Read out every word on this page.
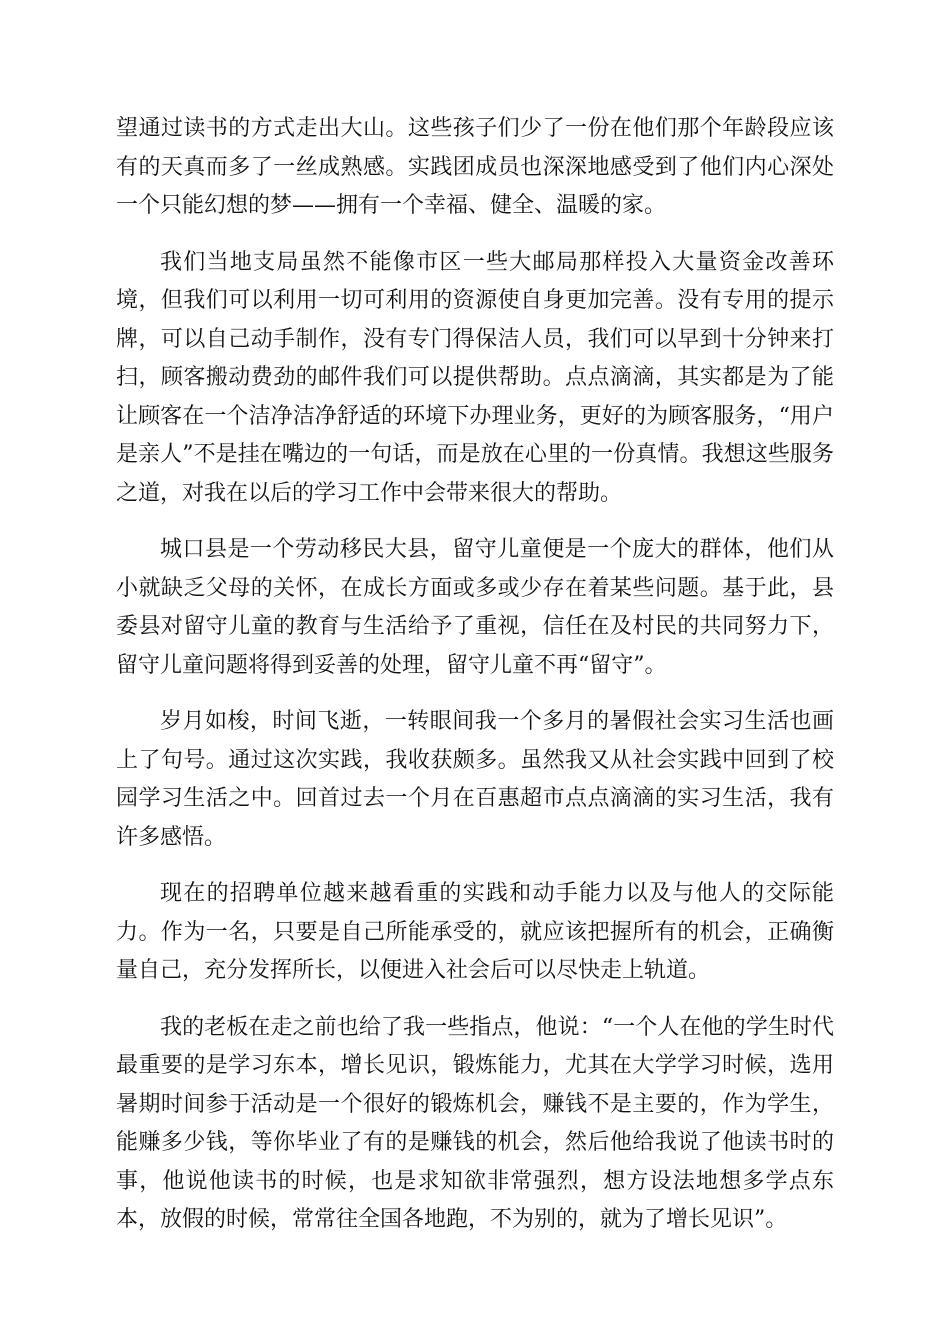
望通过读书的方式走出大山。这些孩子们少了一份在他们那个年龄段应该有的天真而多了一丝成熟感。实践团成员也深深地感受到了他们内心深处一个只能幻想的梦——拥有一个幸福、健全、温暖的家。

我们当地支局虽然不能像市区一些大邮局那样投入大量资金改善环境，但我们可以利用一切可利用的资源使自身更加完善。没有专用的提示牌，可以自己动手制作，没有专门得保洁人员，我们可以早到十分钟来打扫，顾客搬动费劲的邮件我们可以提供帮助。点点滴滴，其实都是为了能让顾客在一个洁净洁净舒适的环境下办理业务，更好的为顾客服务，“用户是亲人”不是挂在嘴边的一句话，而是放在心里的一份真情。我想这些服务之道，对我在以后的学习工作中会带来很大的帮助。

城口县是一个劳动移民大县，留守儿童便是一个庞大的群体，他们从小就缺乏父母的关怀，在成长方面或多或少存在着某些问题。基于此，县委县对留守儿童的教育与生活给予了重视，信任在及村民的共同努力下，留守儿童问题将得到妥善的处理，留守儿童不再“留守”。

岁月如梭，时间飞逝，一转眼间我一个多月的暑假社会实习生活也画上了句号。通过这次实践，我收获颇多。虽然我又从社会实践中回到了校园学习生活之中。回首过去一个月在百惠超市点点滴滴的实习生活，我有许多感悟。

现在的招聘单位越来越看重的实践和动手能力以及与他人的交际能力。作为一名，只要是自己所能承受的，就应该把握所有的机会，正确衡量自己，充分发挥所长，以便进入社会后可以尽快走上轨道。

我的老板在走之前也给了我一些指点，他说：“一个人在他的学生时代最重要的是学习东本，增长见识，锻炼能力，尤其在大学学习时候，选用暑期时间参于活动是一个很好的锻炼机会，赚钱不是主要的，作为学生，能赚多少钱，等你毕业了有的是赚钱的机会，然后他给我说了他读书时的事，他说他读书的时候，也是求知欲非常强烈，想方设法地想多学点东本，放假的时候，常常往全国各地跑，不为别的，就为了增长见识”。
